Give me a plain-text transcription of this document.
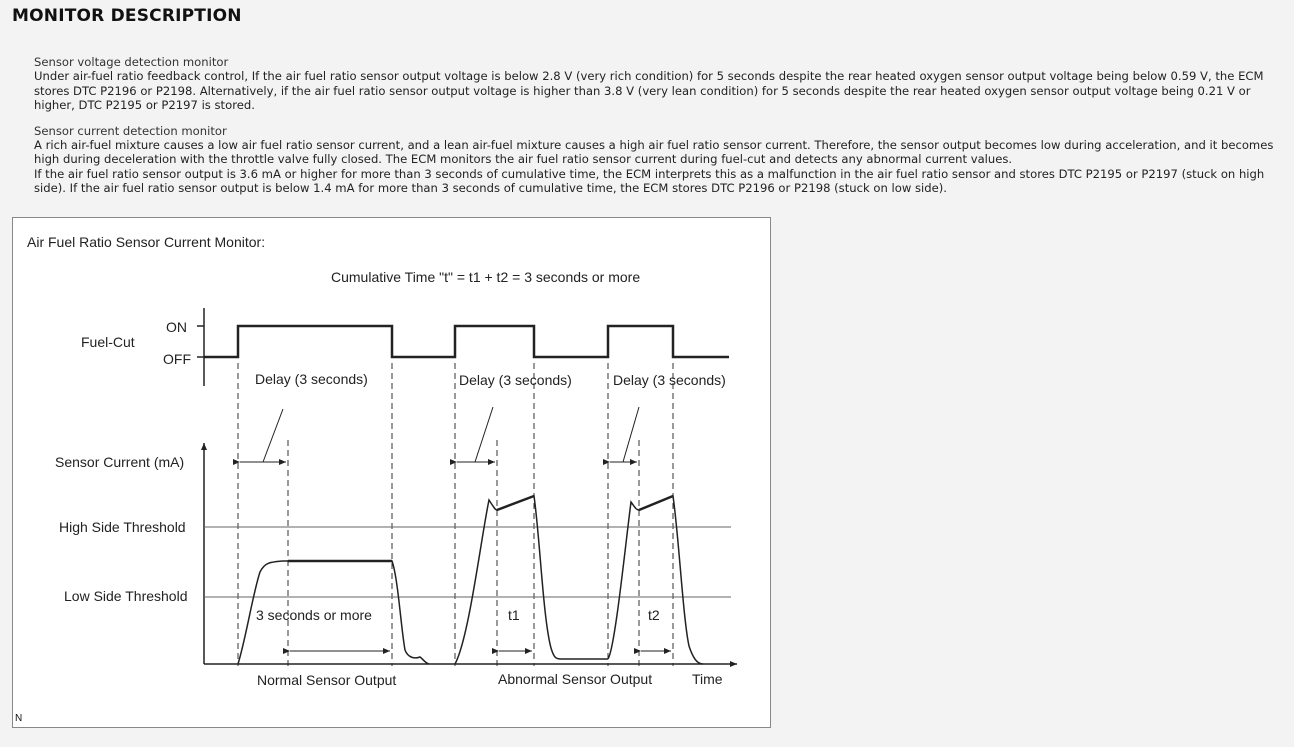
MONITOR DESCRIPTION
Sensor voltage detection monitor
Under air-fuel ratio feedback control, If the air fuel ratio sensor output voltage is below 2.8 V (very rich condition) for 5 seconds despite the rear heated oxygen sensor output voltage being below 0.59 V, the ECM stores DTC P2196 or P2198. Alternatively, if the air fuel ratio sensor output voltage is higher than 3.8 V (very lean condition) for 5 seconds despite the rear heated oxygen sensor output voltage being 0.21 V or higher, DTC P2195 or P2197 is stored.
Sensor current detection monitor
A rich air-fuel mixture causes a low air fuel ratio sensor current, and a lean air-fuel mixture causes a high air fuel ratio sensor current. Therefore, the sensor output becomes low during acceleration, and it becomes high during deceleration with the throttle valve fully closed. The ECM monitors the air fuel ratio sensor current during fuel-cut and detects any abnormal current values.
If the air fuel ratio sensor output is 3.6 mA or higher for more than 3 seconds of cumulative time, the ECM interprets this as a malfunction in the air fuel ratio sensor and stores DTC P2195 or P2197 (stuck on high side). If the air fuel ratio sensor output is below 1.4 mA for more than 3 seconds of cumulative time, the ECM stores DTC P2196 or P2198 (stuck on low side).
Air Fuel Ratio Sensor Current Monitor:
Cumulative Time "t" = t1 + t2 = 3 seconds or more
Fuel-Cut
ON
OFF
Delay (3 seconds)	Delay (3 seconds)	Delay (3 seconds)
Sensor Current (mA)
High Side Threshold
Low Side Threshold
3 seconds or more	t1	t2
Normal Sensor Output	Abnormal Sensor Output	Time
N
